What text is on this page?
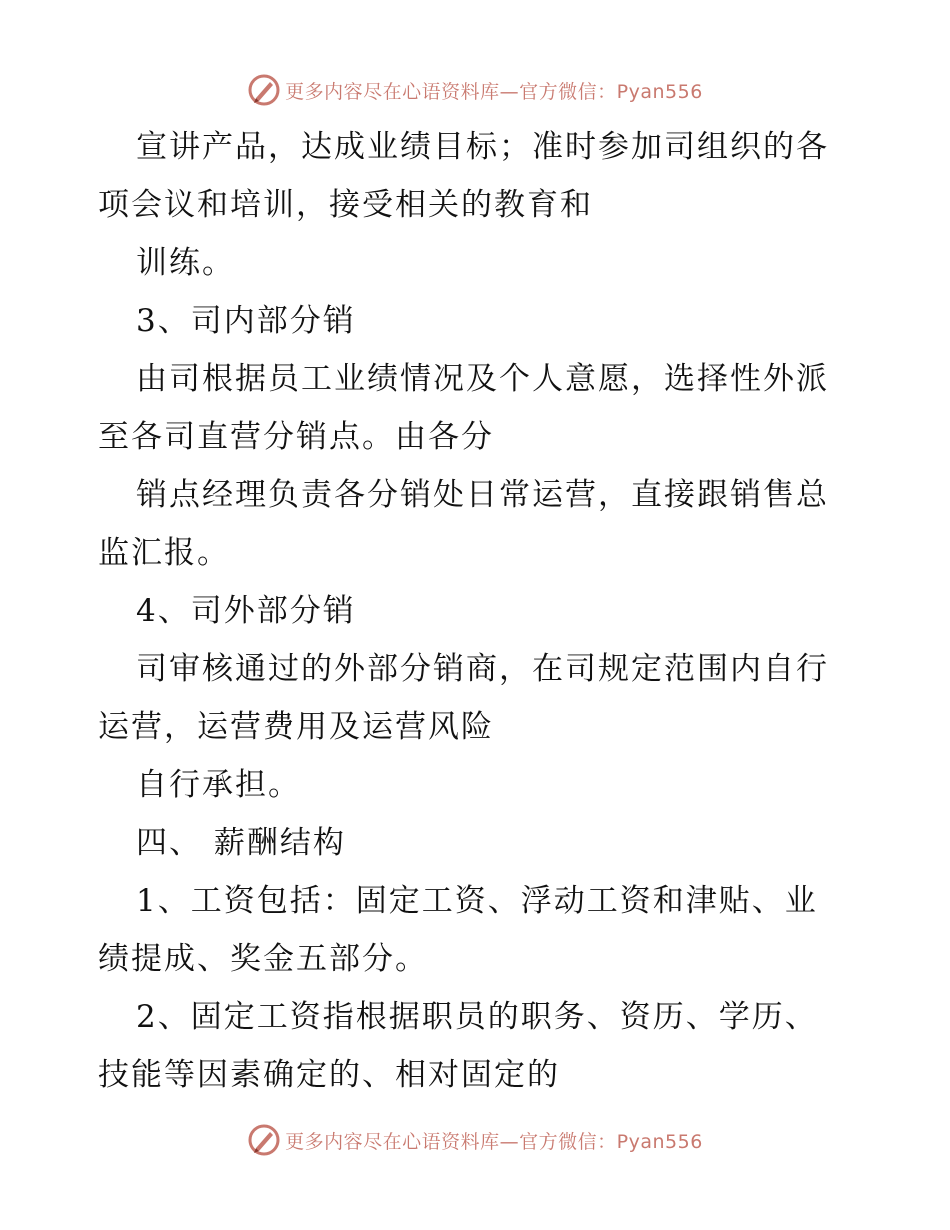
更多内容尽在心语资料库—官方微信：Pyan556
宣讲产品，达成业绩目标；准时参加司组织的各
项会议和培训，接受相关的教育和
训练。
3、司内部分销
由司根据员工业绩情况及个人意愿，选择性外派
至各司直营分销点。由各分
销点经理负责各分销处日常运营，直接跟销售总
监汇报。
4、司外部分销
司审核通过的外部分销商，在司规定范围内自行
运营，运营费用及运营风险
自行承担。
四、 薪酬结构
1、工资包括：固定工资、浮动工资和津贴、业
绩提成、奖金五部分。
2、固定工资指根据职员的职务、资历、学历、
技能等因素确定的、相对固定的
更多内容尽在心语资料库—官方微信：Pyan556
